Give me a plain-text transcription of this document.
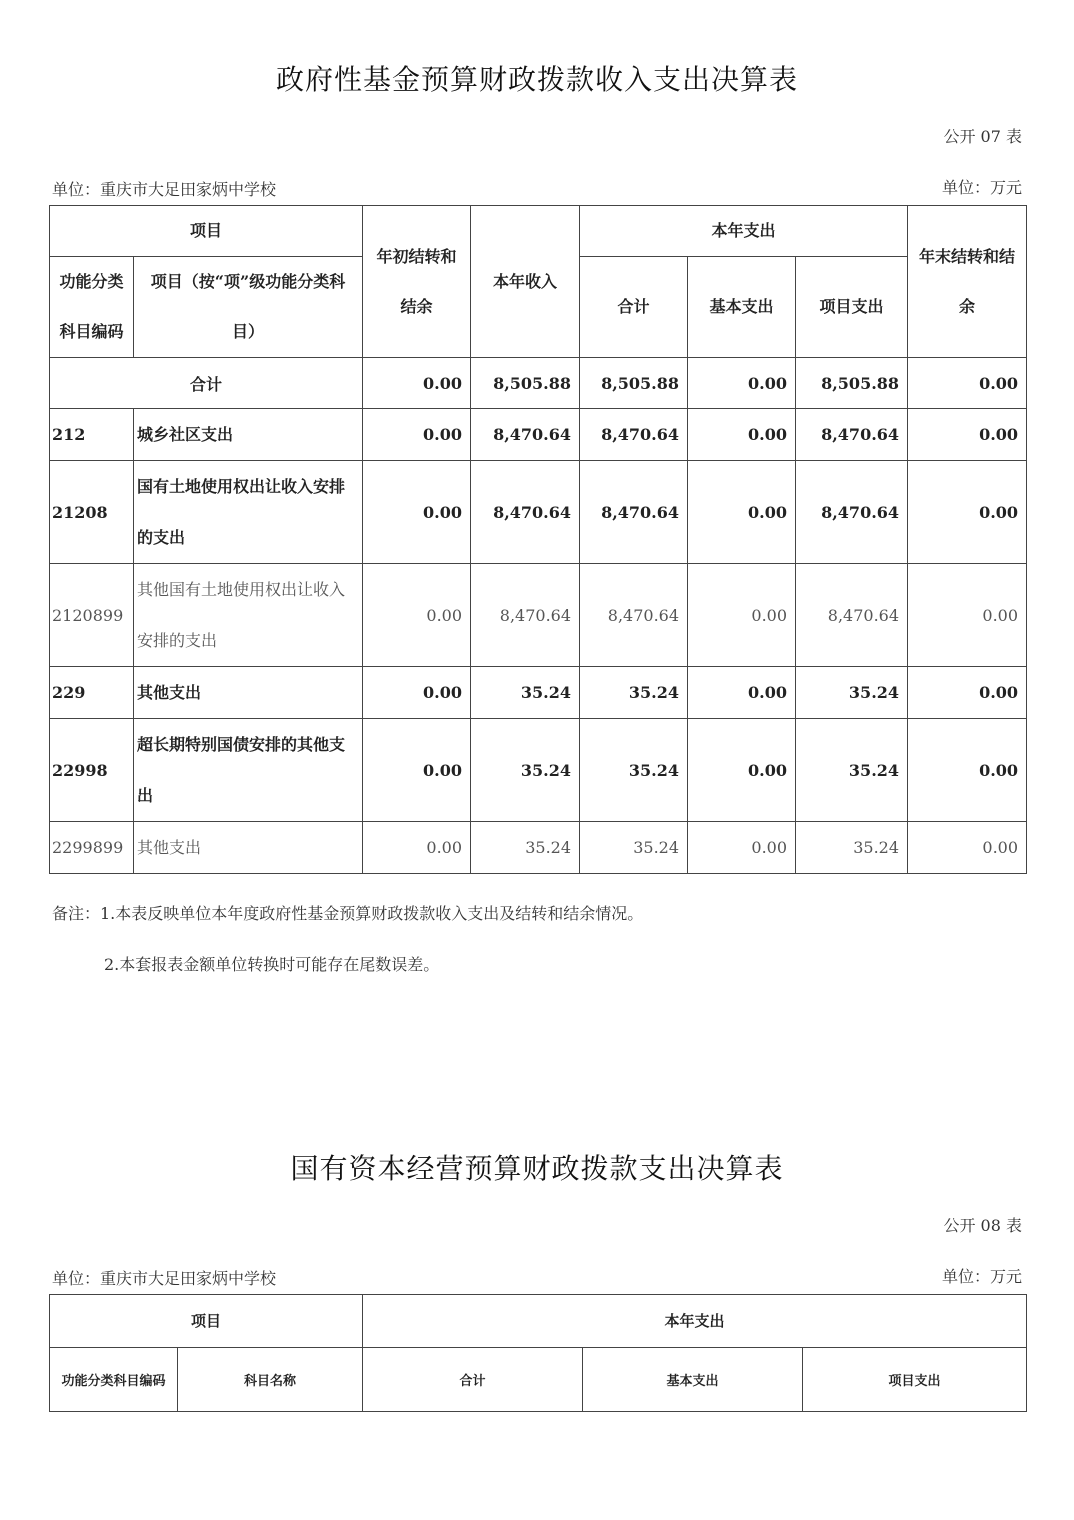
政府性基金预算财政拨款收入支出决算表
公开 07 表
单位：重庆市大足田家炳中学校	单位：万元
项目		年初结转和结余	本年收入	本年支出			年末结转和结余
功能分类科目编码	项目（按“项”级功能分类科目）			合计	基本支出	项目支出	
合计		0.00	8,505.88	8,505.88	0.00	8,505.88	0.00
212	城乡社区支出	0.00	8,470.64	8,470.64	0.00	8,470.64	0.00
21208	国有土地使用权出让收入安排的支出	0.00	8,470.64	8,470.64	0.00	8,470.64	0.00
2120899	其他国有土地使用权出让收入安排的支出	0.00	8,470.64	8,470.64	0.00	8,470.64	0.00
229	其他支出	0.00	35.24	35.24	0.00	35.24	0.00
22998	超长期特别国债安排的其他支出	0.00	35.24	35.24	0.00	35.24	0.00
2299899	其他支出	0.00	35.24	35.24	0.00	35.24	0.00
备注：1.本表反映单位本年度政府性基金预算财政拨款收入支出及结转和结余情况。
2.本套报表金额单位转换时可能存在尾数误差。
国有资本经营预算财政拨款支出决算表
公开 08 表
单位：重庆市大足田家炳中学校	单位：万元
项目		本年支出		
功能分类科目编码	科目名称	合计	基本支出	项目支出
